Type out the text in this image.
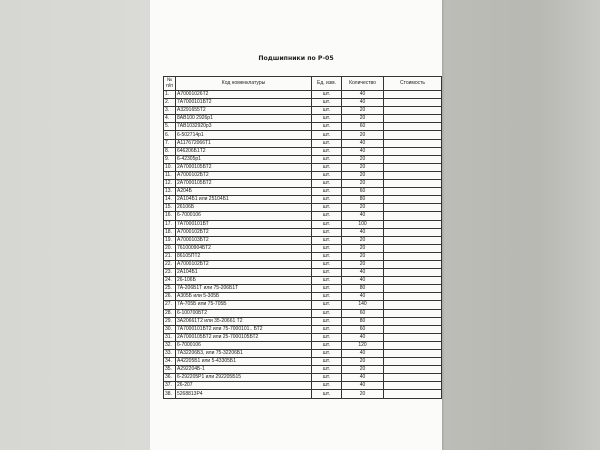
Подшипники по Р-05
№ п/п	Код номенклатуры	Ед. изм.	Количество	Стоимость
1.	А70001026Т2	шт.	40	
2.	7А7000101БТ2	шт.	40	
3.	А3291655Т2	шт.	20	
4.	8АВ100 2926р1	шт.	20	
5.	7АВ1032920р3	шт.	60	
6.	6-502714р1	шт.	20	
7.	А117672066Т1	шт.	40	
8.	646206Б1Т2	шт.	40	
9.	6-42305р1	шт.	20	
10.	2А7000105БТ2	шт.	20	
11.	А7000102БТ2	шт.	20	
12.	2А7000105БТ2	шт.	20	
13.	А204Б	шт.	60	
14.	2А104Б1 или 25104Б1	шт.	80	
15.	26106Б	шт.	20	
16.	6-7000106	шт.	40	
17.	7А7000101БТ	шт.	100	
18.	А7000102БТ2	шт.	40	
19.	А7000103БТ2	шт.	20	
20.	761000904БТ2	шт.	20	
21.	86105ПТ2	шт.	20	
22.	А7000102БТ2	шт.	20	
23.	2А104Б1	шт.	40	
24.	26-106Б	шт.	40	
25.	7А-206Б1Т или 75-206Б1Т	шт.	80	
26.	А305Б или 5-305Б	шт.	40	
27.	7А-705Б или 75-705Б	шт.	140	
28.	6-100700БТ2	шт.	60	
29.	3А20661Т2 или 35-20661 Т2	шт.	80	
30.	7А7000101БТ2 или 75-7000101.. БТ2	шт.	60	
31.	2А7000105БТ2 или 25-7000105БТ2	шт.	40	
32.	6-7000106	шт.	120	
33.	7А32206Б3, или 75-32206Б1	шт.	40	
34.	А42205Б1 или 5-43305Б1	шт.	20	
35.	А292204Б-1	шт.	20	
36.	6-292205Р1 или 292205Б15	шт.	40	
37.	26-207	шт.	40	
38.	5268813Р4	шт.	20	
